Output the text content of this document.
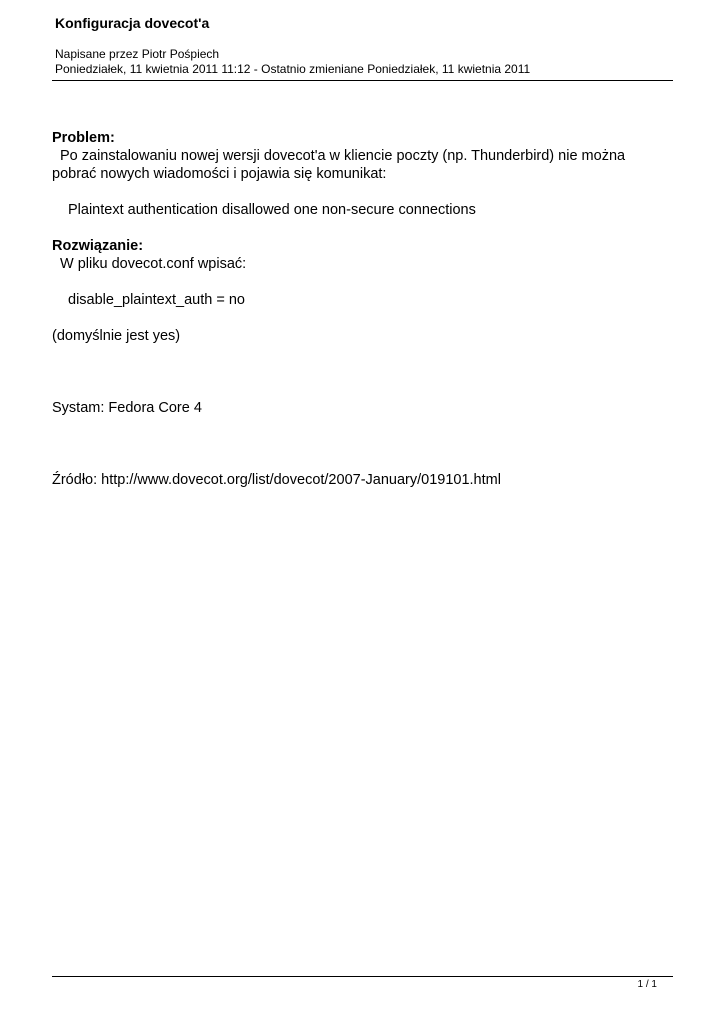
Konfiguracja dovecot'a
Napisane przez Piotr Pośpiech
Poniedziałek, 11 kwietnia 2011 11:12 - Ostatnio zmieniane Poniedziałek, 11 kwietnia 2011
Problem:
Po zainstalowaniu nowej wersji dovecot'a w kliencie poczty (np. Thunderbird) nie można
pobrać nowych wiadomości i pojawia się komunikat:

Plaintext authentication disallowed one non-secure connections

Rozwiązanie:
W pliku dovecot.conf wpisać:

disable_plaintext_auth = no

(domyślnie jest yes)

Systam: Fedora Core 4

Źródło: http://www.dovecot.org/list/dovecot/2007-January/019101.html

1 / 1
